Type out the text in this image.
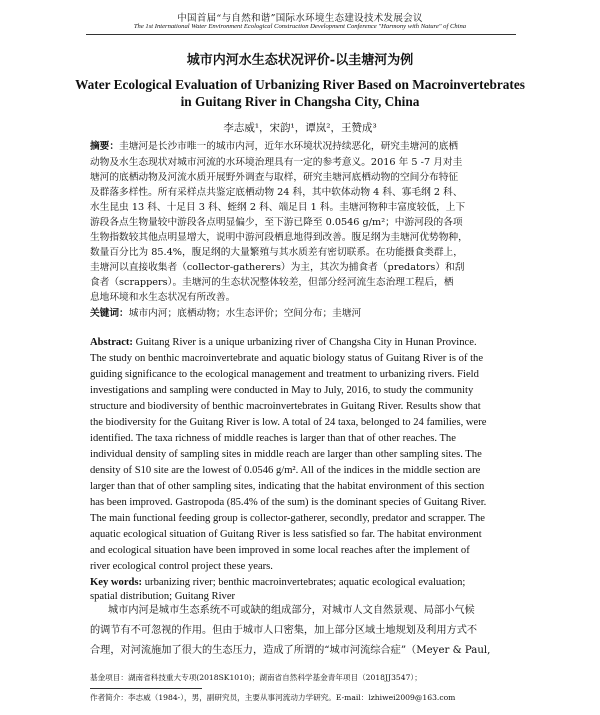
中国首届“与自然和谐”国际水环境生态建设技术发展会议
The 1st International Water Environment Ecological Construction Development Conference "Harmony with Nature" of China
城市内河水生态状况评价-以圭塘河为例
Water Ecological Evaluation of Urbanizing River Based on Macroinvertebrates
in Guitang River in Changsha City, China
李志威¹，宋韵¹，谭岚²，王赞成³
摘要：圭塘河是长沙市唯一的城市内河，近年水环境状况持续恶化，研究圭塘河的底栖
动物及水生态现状对城市河流的水环境治理具有一定的参考意义。2016 年 5 -7 月对圭
塘河的底栖动物及河流水质开展野外调查与取样，研究圭塘河底栖动物的空间分布特征
及群落多样性。所有采样点共鉴定底栖动物 24 科，其中软体动物 4 科、寡毛纲 2 科、
水生昆虫 13 科、十足目 3 科、蛭纲 2 科、端足目 1 科。圭塘河物种丰富度较低，上下
游段各点生物量较中游段各点明显偏少，至下游已降至 0.0546 g/m²；中游河段的各项
生物指数较其他点明显增大，说明中游河段栖息地得到改善。腹足纲为圭塘河优势物种，
数量百分比为 85.4%，腹足纲的大量繁殖与其水质差有密切联系。在功能摄食类群上，
圭塘河以直接收集者（collector-gatherers）为主，其次为捕食者（predators）和刮
食者（scrappers）。圭塘河的生态状况整体较差，但部分经河流生态治理工程后，栖
息地环境和水生态状况有所改善。
关键词：城市内河；底栖动物；水生态评价；空间分布；圭塘河
Abstract: Guitang River is a unique urbanizing river of Changsha City in Hunan Province.
The study on benthic macroinvertebrate and aquatic biology status of Guitang River is of the
guiding significance to the ecological management and treatment to urbanizing rivers. Field
investigations and sampling were conducted in May to July, 2016, to study the community
structure and biodiversity of benthic macroinvertebrates in Guitang River. Results show that
the biodiversity for the Guitang River is low. A total of 24 taxa, belonged to 24 families, were
identified. The taxa richness of middle reaches is larger than that of other reaches. The
individual density of sampling sites in middle reach are larger than other sampling sites. The
density of S10 site are the lowest of 0.0546 g/m². All of the indices in the middle section are
larger than that of other sampling sites, indicating that the habitat environment of this section
has been improved. Gastropoda (85.4% of the sum) is the dominant species of Guitang River.
The main functional feeding group is collector-gatherer, secondly, predator and scrapper. The
aquatic ecological situation of Guitang River is less satisfied so far. The habitat environment
and ecological situation have been improved in some local reaches after the implement of
river ecological control project these years.
Key words: urbanizing river; benthic macroinvertebrates; aquatic ecological evaluation;
spatial distribution; Guitang River
城市内河是城市生态系统不可或缺的组成部分，对城市人文自然景观、局部小气候
的调节有不可忽视的作用。但由于城市人口密集，加上部分区域土地规划及利用方式不
合理，对河流施加了很大的生态压力，造成了所谓的“城市河流综合症”（Meyer & Paul,
基金项目：湖南省科技重大专项(2018SK1010)；湖南省自然科学基金青年项目（2018JJ3547）；
作者简介：李志威（1984-），男，副研究员，主要从事河流动力学研究。E-mail：lzhiwei2009@163.com
